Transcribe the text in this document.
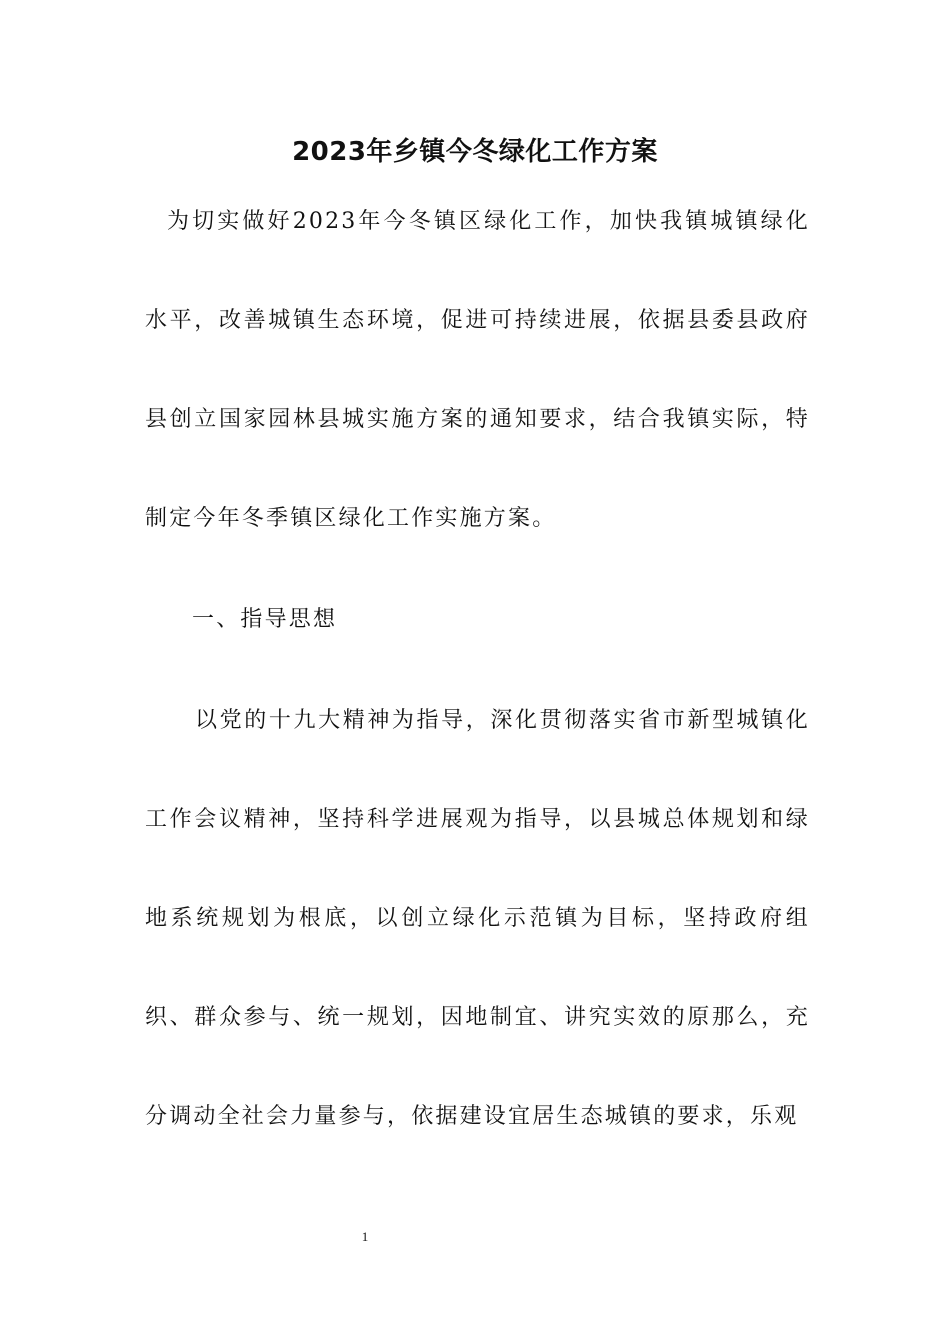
2023年乡镇今冬绿化工作方案
为切实做好2023年今冬镇区绿化工作，加快我镇城镇绿化水平，改善城镇生态环境，促进可持续进展，依据县委县政府县创立国家园林县城实施方案的通知要求，结合我镇实际，特制定今年冬季镇区绿化工作实施方案。
一、指导思想
以党的十九大精神为指导，深化贯彻落实省市新型城镇化工作会议精神，坚持科学进展观为指导，以县城总体规划和绿地系统规划为根底，以创立绿化示范镇为目标，坚持政府组织、群众参与、统一规划，因地制宜、讲究实效的原那么，充分调动全社会力量参与，依据建设宜居生态城镇的要求，乐观
1
